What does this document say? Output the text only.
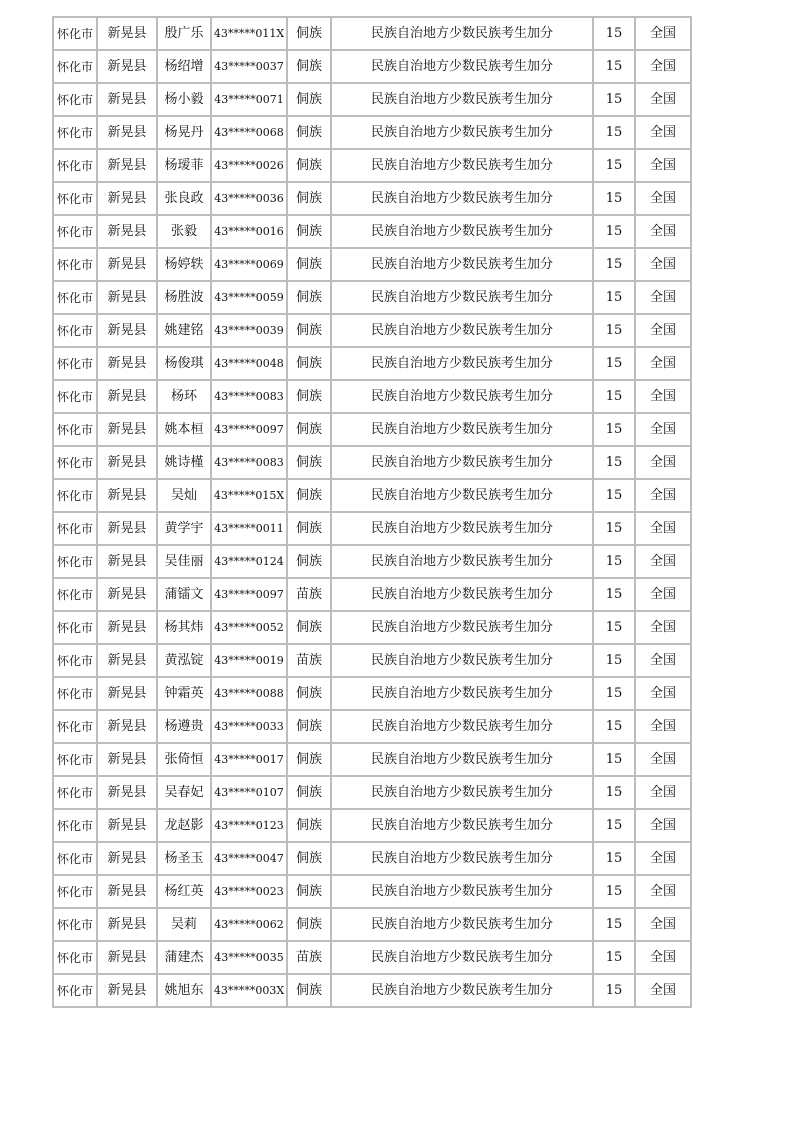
怀化市	新晃县	殷广乐	43*****011X	侗族	民族自治地方少数民族考生加分	15	全国
怀化市	新晃县	杨绍增	43*****0037	侗族	民族自治地方少数民族考生加分	15	全国
怀化市	新晃县	杨小毅	43*****0071	侗族	民族自治地方少数民族考生加分	15	全国
怀化市	新晃县	杨晃丹	43*****0068	侗族	民族自治地方少数民族考生加分	15	全国
怀化市	新晃县	杨瑷菲	43*****0026	侗族	民族自治地方少数民族考生加分	15	全国
怀化市	新晃县	张良政	43*****0036	侗族	民族自治地方少数民族考生加分	15	全国
怀化市	新晃县	张毅	43*****0016	侗族	民族自治地方少数民族考生加分	15	全国
怀化市	新晃县	杨婷轶	43*****0069	侗族	民族自治地方少数民族考生加分	15	全国
怀化市	新晃县	杨胜波	43*****0059	侗族	民族自治地方少数民族考生加分	15	全国
怀化市	新晃县	姚建铭	43*****0039	侗族	民族自治地方少数民族考生加分	15	全国
怀化市	新晃县	杨俊琪	43*****0048	侗族	民族自治地方少数民族考生加分	15	全国
怀化市	新晃县	杨环	43*****0083	侗族	民族自治地方少数民族考生加分	15	全国
怀化市	新晃县	姚本桓	43*****0097	侗族	民族自治地方少数民族考生加分	15	全国
怀化市	新晃县	姚诗槿	43*****0083	侗族	民族自治地方少数民族考生加分	15	全国
怀化市	新晃县	吴灿	43*****015X	侗族	民族自治地方少数民族考生加分	15	全国
怀化市	新晃县	黄学宇	43*****0011	侗族	民族自治地方少数民族考生加分	15	全国
怀化市	新晃县	吴佳丽	43*****0124	侗族	民族自治地方少数民族考生加分	15	全国
怀化市	新晃县	蒲镭文	43*****0097	苗族	民族自治地方少数民族考生加分	15	全国
怀化市	新晃县	杨其炜	43*****0052	侗族	民族自治地方少数民族考生加分	15	全国
怀化市	新晃县	黄泓锭	43*****0019	苗族	民族自治地方少数民族考生加分	15	全国
怀化市	新晃县	钟霜英	43*****0088	侗族	民族自治地方少数民族考生加分	15	全国
怀化市	新晃县	杨遵贵	43*****0033	侗族	民族自治地方少数民族考生加分	15	全国
怀化市	新晃县	张倚恒	43*****0017	侗族	民族自治地方少数民族考生加分	15	全国
怀化市	新晃县	吴春妃	43*****0107	侗族	民族自治地方少数民族考生加分	15	全国
怀化市	新晃县	龙赵影	43*****0123	侗族	民族自治地方少数民族考生加分	15	全国
怀化市	新晃县	杨圣玉	43*****0047	侗族	民族自治地方少数民族考生加分	15	全国
怀化市	新晃县	杨红英	43*****0023	侗族	民族自治地方少数民族考生加分	15	全国
怀化市	新晃县	吴莉	43*****0062	侗族	民族自治地方少数民族考生加分	15	全国
怀化市	新晃县	蒲建杰	43*****0035	苗族	民族自治地方少数民族考生加分	15	全国
怀化市	新晃县	姚旭东	43*****003X	侗族	民族自治地方少数民族考生加分	15	全国
